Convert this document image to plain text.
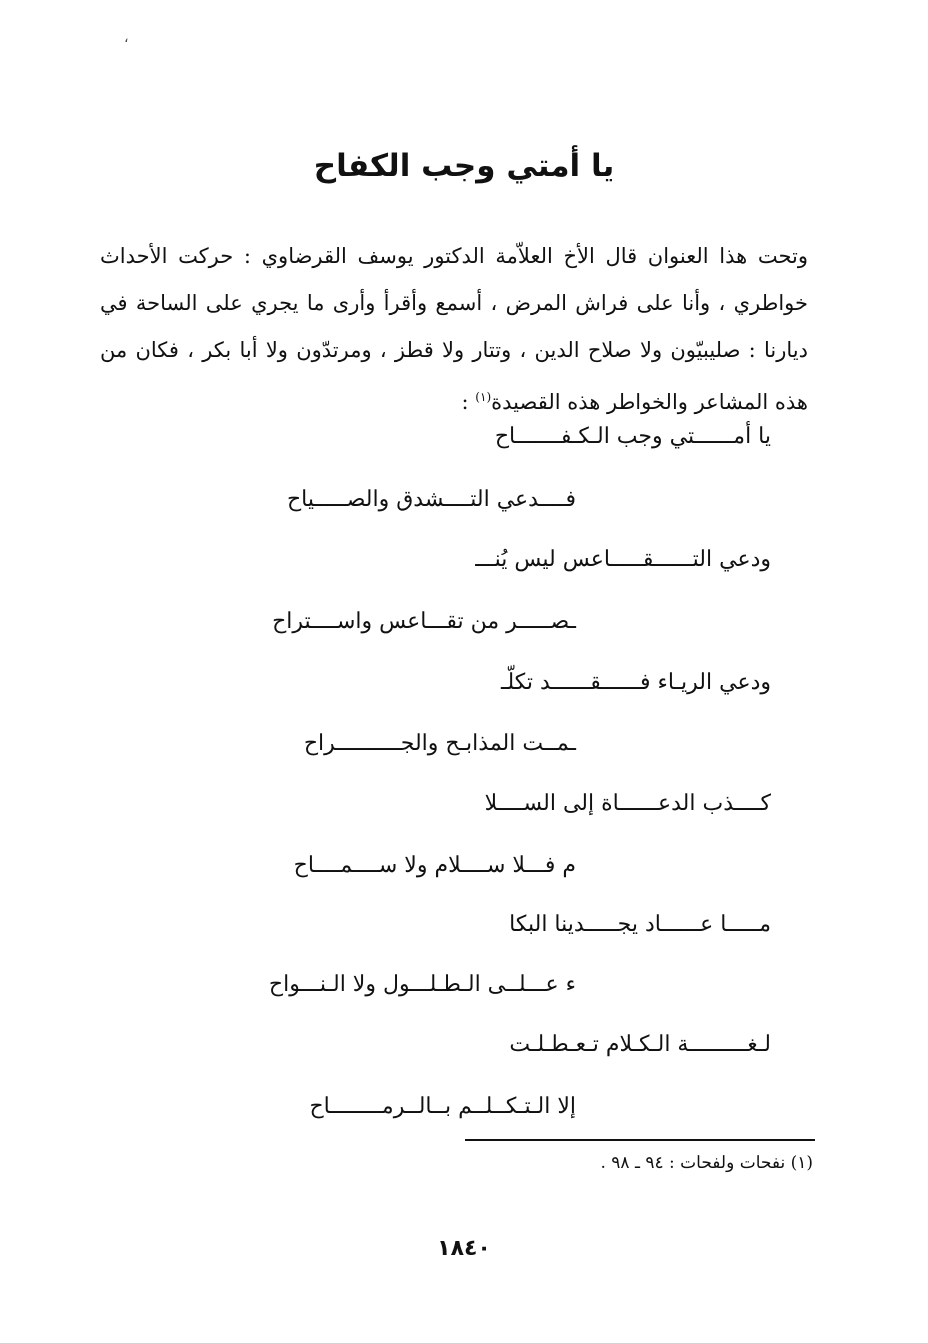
،
يا أمتي وجب الكفاح

وتحت هذا العنوان قال الأخ العلاّمة الدكتور يوسف القرضاوي : حركت الأحداث خواطري ، وأنا على فراش المرض ، أسمع وأقرأ وأرى ما يجري على الساحة في ديارنا : صليبيّون ولا صلاح الدين ، وتتار ولا قطز ، ومرتدّون ولا أبا بكر ، فكان من هذه المشاعر والخواطر هذه القصيدة$^{(١)}$ :

يا أمــــــتي وجب الـكـفـــــــاح
فــــدعي التــــشدق والصـــــياح
ودعي التــــــقـــــاعس ليس يُنـــ
ـصـــــر من تقـــاعس واســــتراح
ودعي الريـاء فــــــقــــــد تكلّـ
ـمــت المذابـح والجــــــــــراح
كــــذب الدعــــــاة إلى الســــلا
م فـــلا ســــلام ولا ســــمــــاح
مـــــا عــــــاد يجـــــدينا البكا
ء عـــلــى الـطـلـــول ولا الـنـــواح
لـغـــــــــة الـكـلام تـعـطـلـت
إلا الـتـكــلــم بــالــرمــــــــاح
(١) نفحات ولفحات : ٩٤ ـ ٩٨ .
١٨٤٠
